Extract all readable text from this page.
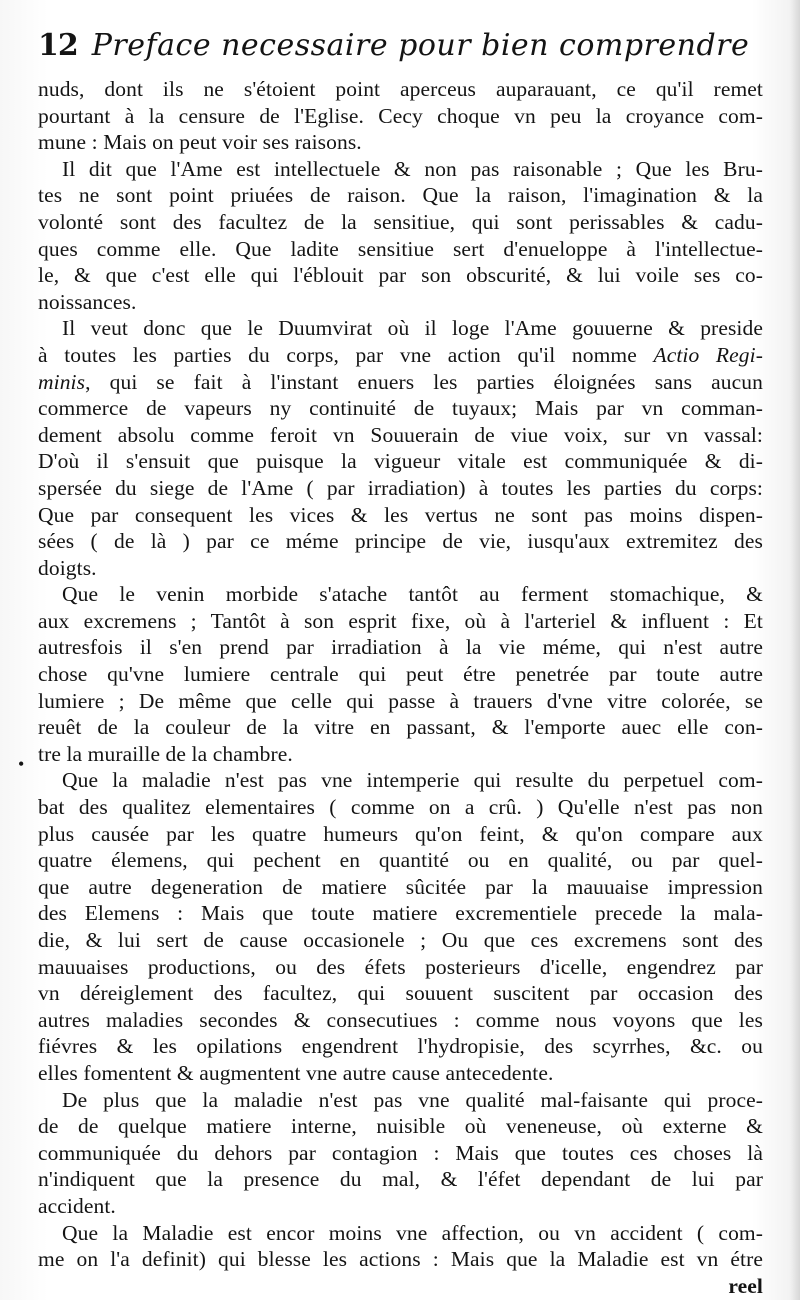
12 Preface necessaire pour bien comprendre
•
nuds, dont ils ne s'étoient point aperceus auparauant, ce qu'il remet
pourtant à la censure de l'Eglise. Cecy choque vn peu la croyance com-
mune : Mais on peut voir ses raisons.
Il dit que l'Ame est intellectuele & non pas raisonable ; Que les Bru-
tes ne sont point priuées de raison. Que la raison, l'imagination & la
volonté sont des facultez de la sensitiue, qui sont perissables & cadu-
ques comme elle. Que ladite sensitiue sert d'enueloppe à l'intellectue-
le, & que c'est elle qui l'éblouit par son obscurité, & lui voile ses co-
noissances.
Il veut donc que le Duumvirat où il loge l'Ame gouuerne & preside
à toutes les parties du corps, par vne action qu'il nomme Actio Regi-
minis, qui se fait à l'instant enuers les parties éloignées sans aucun
commerce de vapeurs ny continuité de tuyaux; Mais par vn comman-
dement absolu comme feroit vn Souuerain de viue voix, sur vn vassal:
D'où il s'ensuit que puisque la vigueur vitale est communiquée & di-
spersée du siege de l'Ame ( par irradiation) à toutes les parties du corps:
Que par consequent les vices & les vertus ne sont pas moins dispen-
sées ( de là ) par ce méme principe de vie, iusqu'aux extremitez des
doigts.
Que le venin morbide s'atache tantôt au ferment stomachique, &
aux excremens ; Tantôt à son esprit fixe, où à l'arteriel & influent : Et
autresfois il s'en prend par irradiation à la vie méme, qui n'est autre
chose qu'vne lumiere centrale qui peut étre penetrée par toute autre
lumiere ; De même que celle qui passe à trauers d'vne vitre colorée, se
reuêt de la couleur de la vitre en passant, & l'emporte auec elle con-
tre la muraille de la chambre.
Que la maladie n'est pas vne intemperie qui resulte du perpetuel com-
bat des qualitez elementaires ( comme on a crû. ) Qu'elle n'est pas non
plus causée par les quatre humeurs qu'on feint, & qu'on compare aux
quatre élemens, qui pechent en quantité ou en qualité, ou par quel-
que autre degeneration de matiere sûcitée par la mauuaise impression
des Elemens : Mais que toute matiere excrementiele precede la mala-
die, & lui sert de cause occasionele ; Ou que ces excremens sont des
mauuaises productions, ou des éfets posterieurs d'icelle, engendrez par
vn déreiglement des facultez, qui souuent suscitent par occasion des
autres maladies secondes & consecutiues : comme nous voyons que les
fiévres & les opilations engendrent l'hydropisie, des scyrrhes, &c. ou
elles fomentent & augmentent vne autre cause antecedente.
De plus que la maladie n'est pas vne qualité mal-faisante qui proce-
de de quelque matiere interne, nuisible où veneneuse, où externe &
communiquée du dehors par contagion : Mais que toutes ces choses là
n'indiquent que la presence du mal, & l'éfet dependant de lui par
accident.
Que la Maladie est encor moins vne affection, ou vn accident ( com-
me on l'a definit) qui blesse les actions : Mais que la Maladie est vn étre
reel
